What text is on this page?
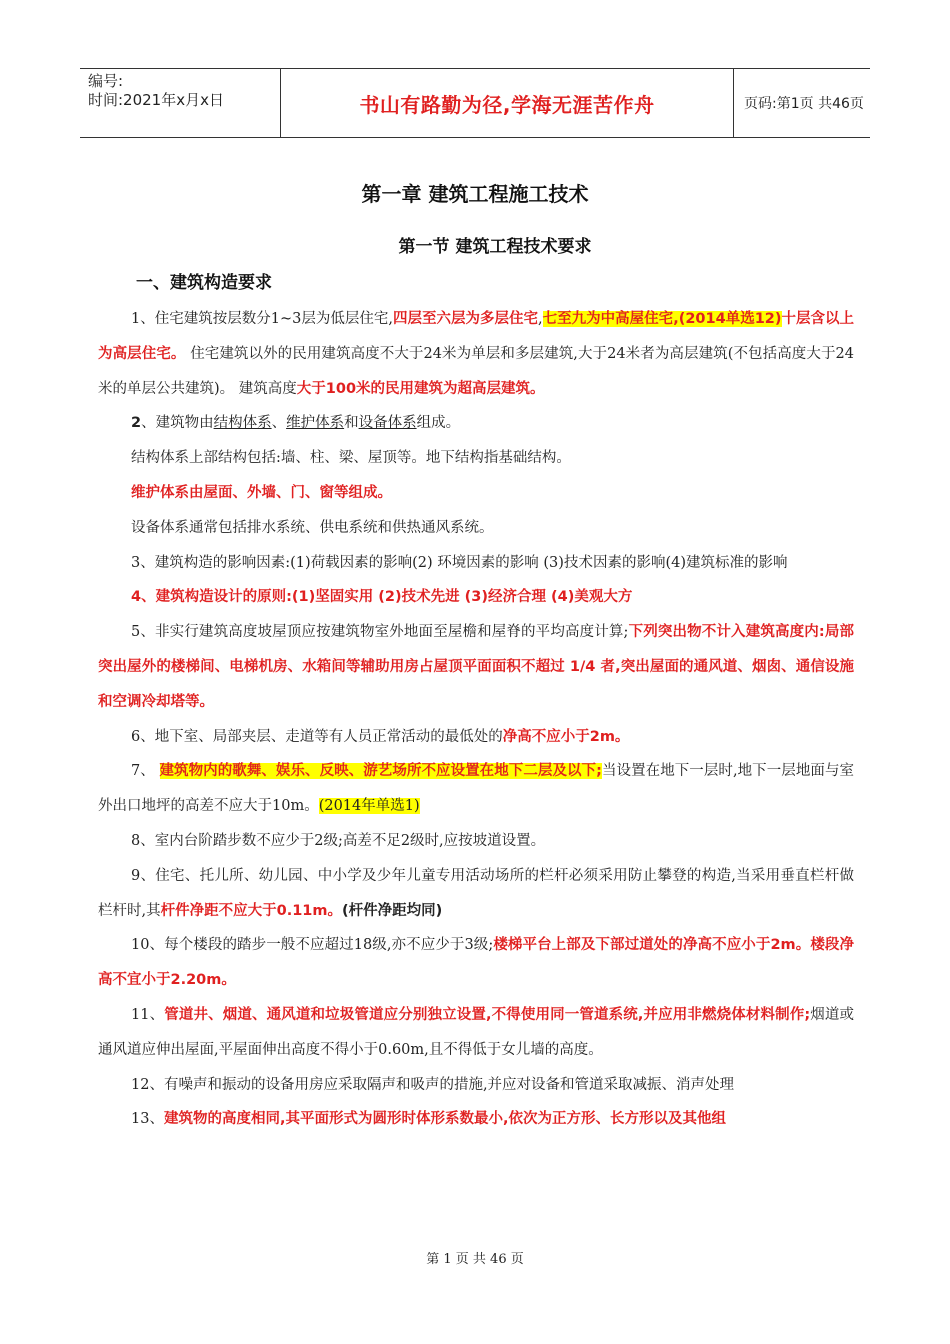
编号:
时间:2021年x月x日	书山有路勤为径,学海无涯苦作舟	页码:第1页 共46页
第一章 建筑工程施工技术
第一节 建筑工程技术要求
一、建筑构造要求

1、住宅建筑按层数分1~3层为低层住宅,四层至六层为多层住宅,七至九为中高屋住宅,(2014单选12)十层含以上为高层住宅。 住宅建筑以外的民用建筑高度不大于24米为单层和多层建筑,大于24米者为高层建筑(不包括高度大于24米的单层公共建筑)。 建筑高度大于100米的民用建筑为超高层建筑。

2、建筑物由结构体系、维护体系和设备体系组成。

结构体系上部结构包括:墙、柱、梁、屋顶等。地下结构指基础结构。

维护体系由屋面、外墙、门、窗等组成。

设备体系通常包括排水系统、供电系统和供热通风系统。

3、建筑构造的影响因素:(1)荷载因素的影响(2) 环境因素的影响 (3)技术因素的影响(4)建筑标准的影响

4、建筑构造设计的原则:(1)坚固实用 (2)技术先进 (3)经济合理 (4)美观大方

5、非实行建筑高度坡屋顶应按建筑物室外地面至屋檐和屋脊的平均高度计算;下列突出物不计入建筑高度内:局部突出屋外的楼梯间、电梯机房、水箱间等辅助用房占屋顶平面面积不超过 1/4 者,突出屋面的通风道、烟囱、通信设施和空调冷却塔等。

6、地下室、局部夹层、走道等有人员正常活动的最低处的净高不应小于2m。

7、 建筑物内的歌舞、娱乐、反映、游艺场所不应设置在地下二层及以下;当设置在地下一层时,地下一层地面与室外出口地坪的高差不应大于10m。(2014年单选1)

8、室内台阶踏步数不应少于2级;高差不足2级时,应按坡道设置。

9、住宅、托儿所、幼儿园、中小学及少年儿童专用活动场所的栏杆必须采用防止攀登的构造,当采用垂直栏杆做栏杆时,其杆件净距不应大于0.11m。(杆件净距均同)

10、每个楼段的踏步一般不应超过18级,亦不应少于3级;楼梯平台上部及下部过道处的净高不应小于2m。楼段净高不宜小于2.20m。

11、管道井、烟道、通风道和垃圾管道应分别独立设置,不得使用同一管道系统,并应用非燃烧体材料制作;烟道或通风道应伸出屋面,平屋面伸出高度不得小于0.60m,且不得低于女儿墙的高度。

12、有噪声和振动的设备用房应采取隔声和吸声的措施,并应对设备和管道采取减振、消声处理

13、建筑物的高度相同,其平面形式为圆形时体形系数最小,依次为正方形、长方形以及其他组

第 1 页 共 46 页
